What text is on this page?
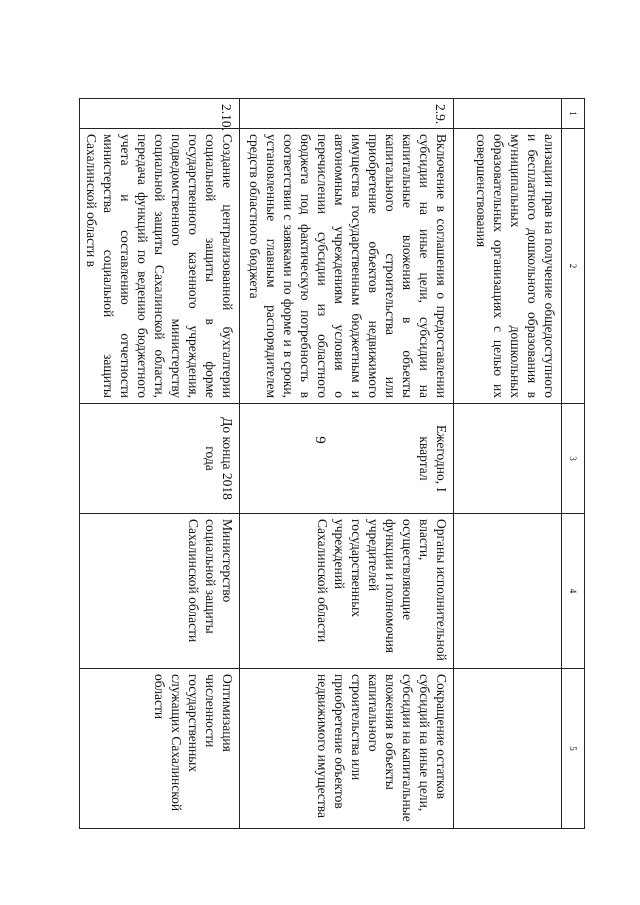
9
1	2	3	4	5
	ализации прав на получение общедоступного и бесплатного дошкольного образования в муниципальных дошкольных образовательных организациях с целью их совершенствования			
2.9.	Включение в соглашения о предоставлении субсидии на иные цели, субсидии на капитальные вложения в объекты капитального строительства или приобретение объектов недвижимого имущества государственным бюджетным и автономным учреждениям условия о перечислении субсидии из областного бюджета под фактическую потребность в соответствии с заявками по форме и в сроки, установленные главным распорядителем средств областного бюджета	Ежегодно, I квартал	Органы исполнительной власти, осуществляющие функции и полномочия учредителей государственных учреждений Сахалинской области	Сокращение остатков субсидий на иные цели, субсидии на капитальные вложения в объекты капитального строительства или приобретение объектов недвижимого имущества
2.10.	Создание централизованной бухгалтерии социальной защиты в форме государственного казенного учреждения, подведомственного министерству социальной защиты Сахалинской области, передача функций по ведению бюджетного учета и составлению отчетности министерства социальной защиты Сахалинской области в	До конца 2018 года	Министерство социальной защиты Сахалинской области	Оптимизация численности государственных служащих Сахалинской области
